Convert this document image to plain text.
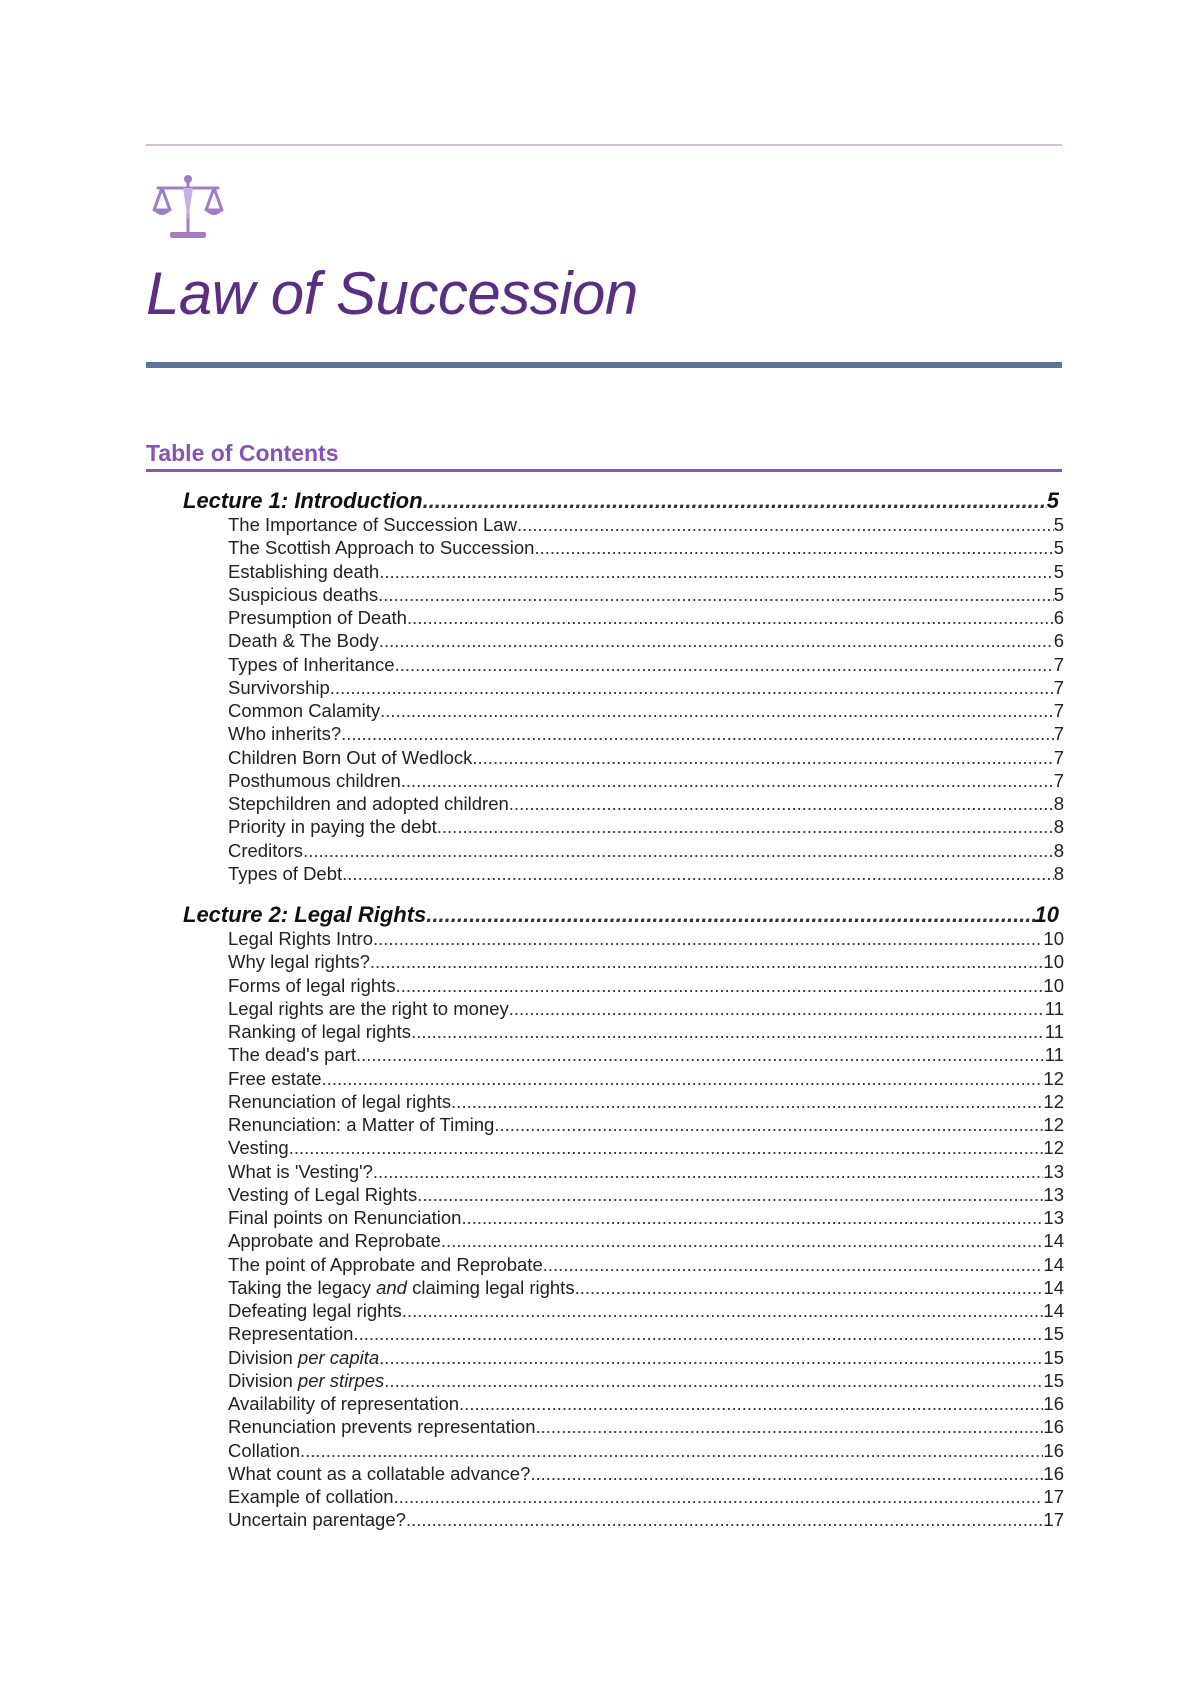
Law of Succession
Table of Contents
Lecture 1: Introduction .....	5
The Importance of Succession Law .....	5
The Scottish Approach to Succession .....	5
Establishing death .....	5
Suspicious deaths .....	5
Presumption of Death .....	6
Death & The Body .....	6
Types of Inheritance .....	7
Survivorship .....	7
Common Calamity .....	7
Who inherits? .....	7
Children Born Out of Wedlock .....	7
Posthumous children .....	7
Stepchildren and adopted children .....	8
Priority in paying the debt .....	8
Creditors .....	8
Types of Debt .....	8
Lecture 2: Legal Rights .....	10
Legal Rights Intro .....	10
Why legal rights? .....	10
Forms of legal rights .....	10
Legal rights are the right to money .....	11
Ranking of legal rights .....	11
The dead's part .....	11
Free estate .....	12
Renunciation of legal rights .....	12
Renunciation: a Matter of Timing .....	12
Vesting .....	12
What is 'Vesting'? .....	13
Vesting of Legal Rights .....	13
Final points on Renunciation .....	13
Approbate and Reprobate .....	14
The point of Approbate and Reprobate .....	14
Taking the legacy and claiming legal rights .....	14
Defeating legal rights .....	14
Representation .....	15
Division per capita .....	15
Division per stirpes .....	15
Availability of representation .....	16
Renunciation prevents representation .....	16
Collation .....	16
What count as a collatable advance? .....	16
Example of collation .....	17
Uncertain parentage? .....	17
